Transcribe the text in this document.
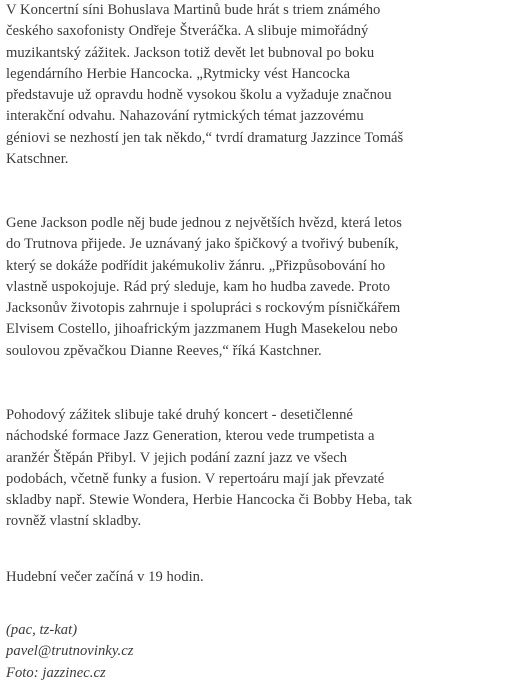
V Koncertní síni Bohuslava Martinů bude hrát s triem známého
českého saxofonisty Ondřeje Štveráčka. A slibuje mimořádný
muzikantský zážitek. Jackson totiž devět let bubnoval po boku
legendárního Herbie Hancocka. „Rytmicky vést Hancocka
představuje už opravdu hodně vysokou školu a vyžaduje značnou
interakční odvahu. Nahazování rytmických témat jazzovému
géniovi se nezhostí jen tak někdo,“ tvrdí dramaturg Jazzince Tomáš
Katschner.

Gene Jackson podle něj bude jednou z největších hvězd, která letos
do Trutnova přijede. Je uznávaný jako špičkový a tvořivý bubeník,
který se dokáže podřídit jakémukoliv žánru. „Přizpůsobování ho
vlastně uspokojuje. Rád prý sleduje, kam ho hudba zavede. Proto
Jacksonův životopis zahrnuje i spolupráci s rockovým písničkářem
Elvisem Costello, jihoafrickým jazzmanem Hugh Masekelou nebo
soulovou zpěvačkou Dianne Reeves,“ říká Kastchner.

Pohodový zážitek slibuje také druhý koncert - desetičlenné
náchodské formace Jazz Generation, kterou vede trumpetista a
aranžér Štěpán Přibyl. V jejich podání zazní jazz ve všech
podobách, včetně funky a fusion. V repertoáru mají jak převzaté
skladby např. Stewie Wondera, Herbie Hancocka či Bobby Heba, tak
rovněž vlastní skladby.

Hudební večer začíná v 19 hodin.

(pac, tz-kat)
pavel@trutnovinky.cz
Foto: jazzinec.cz
